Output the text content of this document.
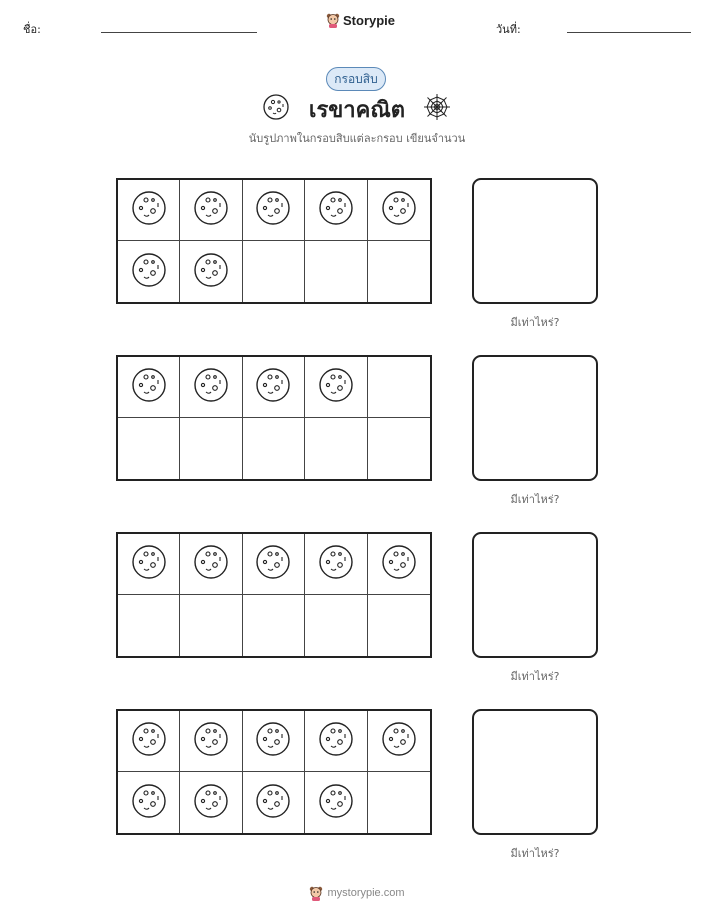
ชื่อ:
Storypie
วันที่:
กรอบสิบ
เรขาคณิต
นับรูปภาพในกรอบสิบแต่ละกรอบ เขียนจำนวน
มีเท่าไหร่?
มีเท่าไหร่?
มีเท่าไหร่?
มีเท่าไหร่?
mystorypie.com
